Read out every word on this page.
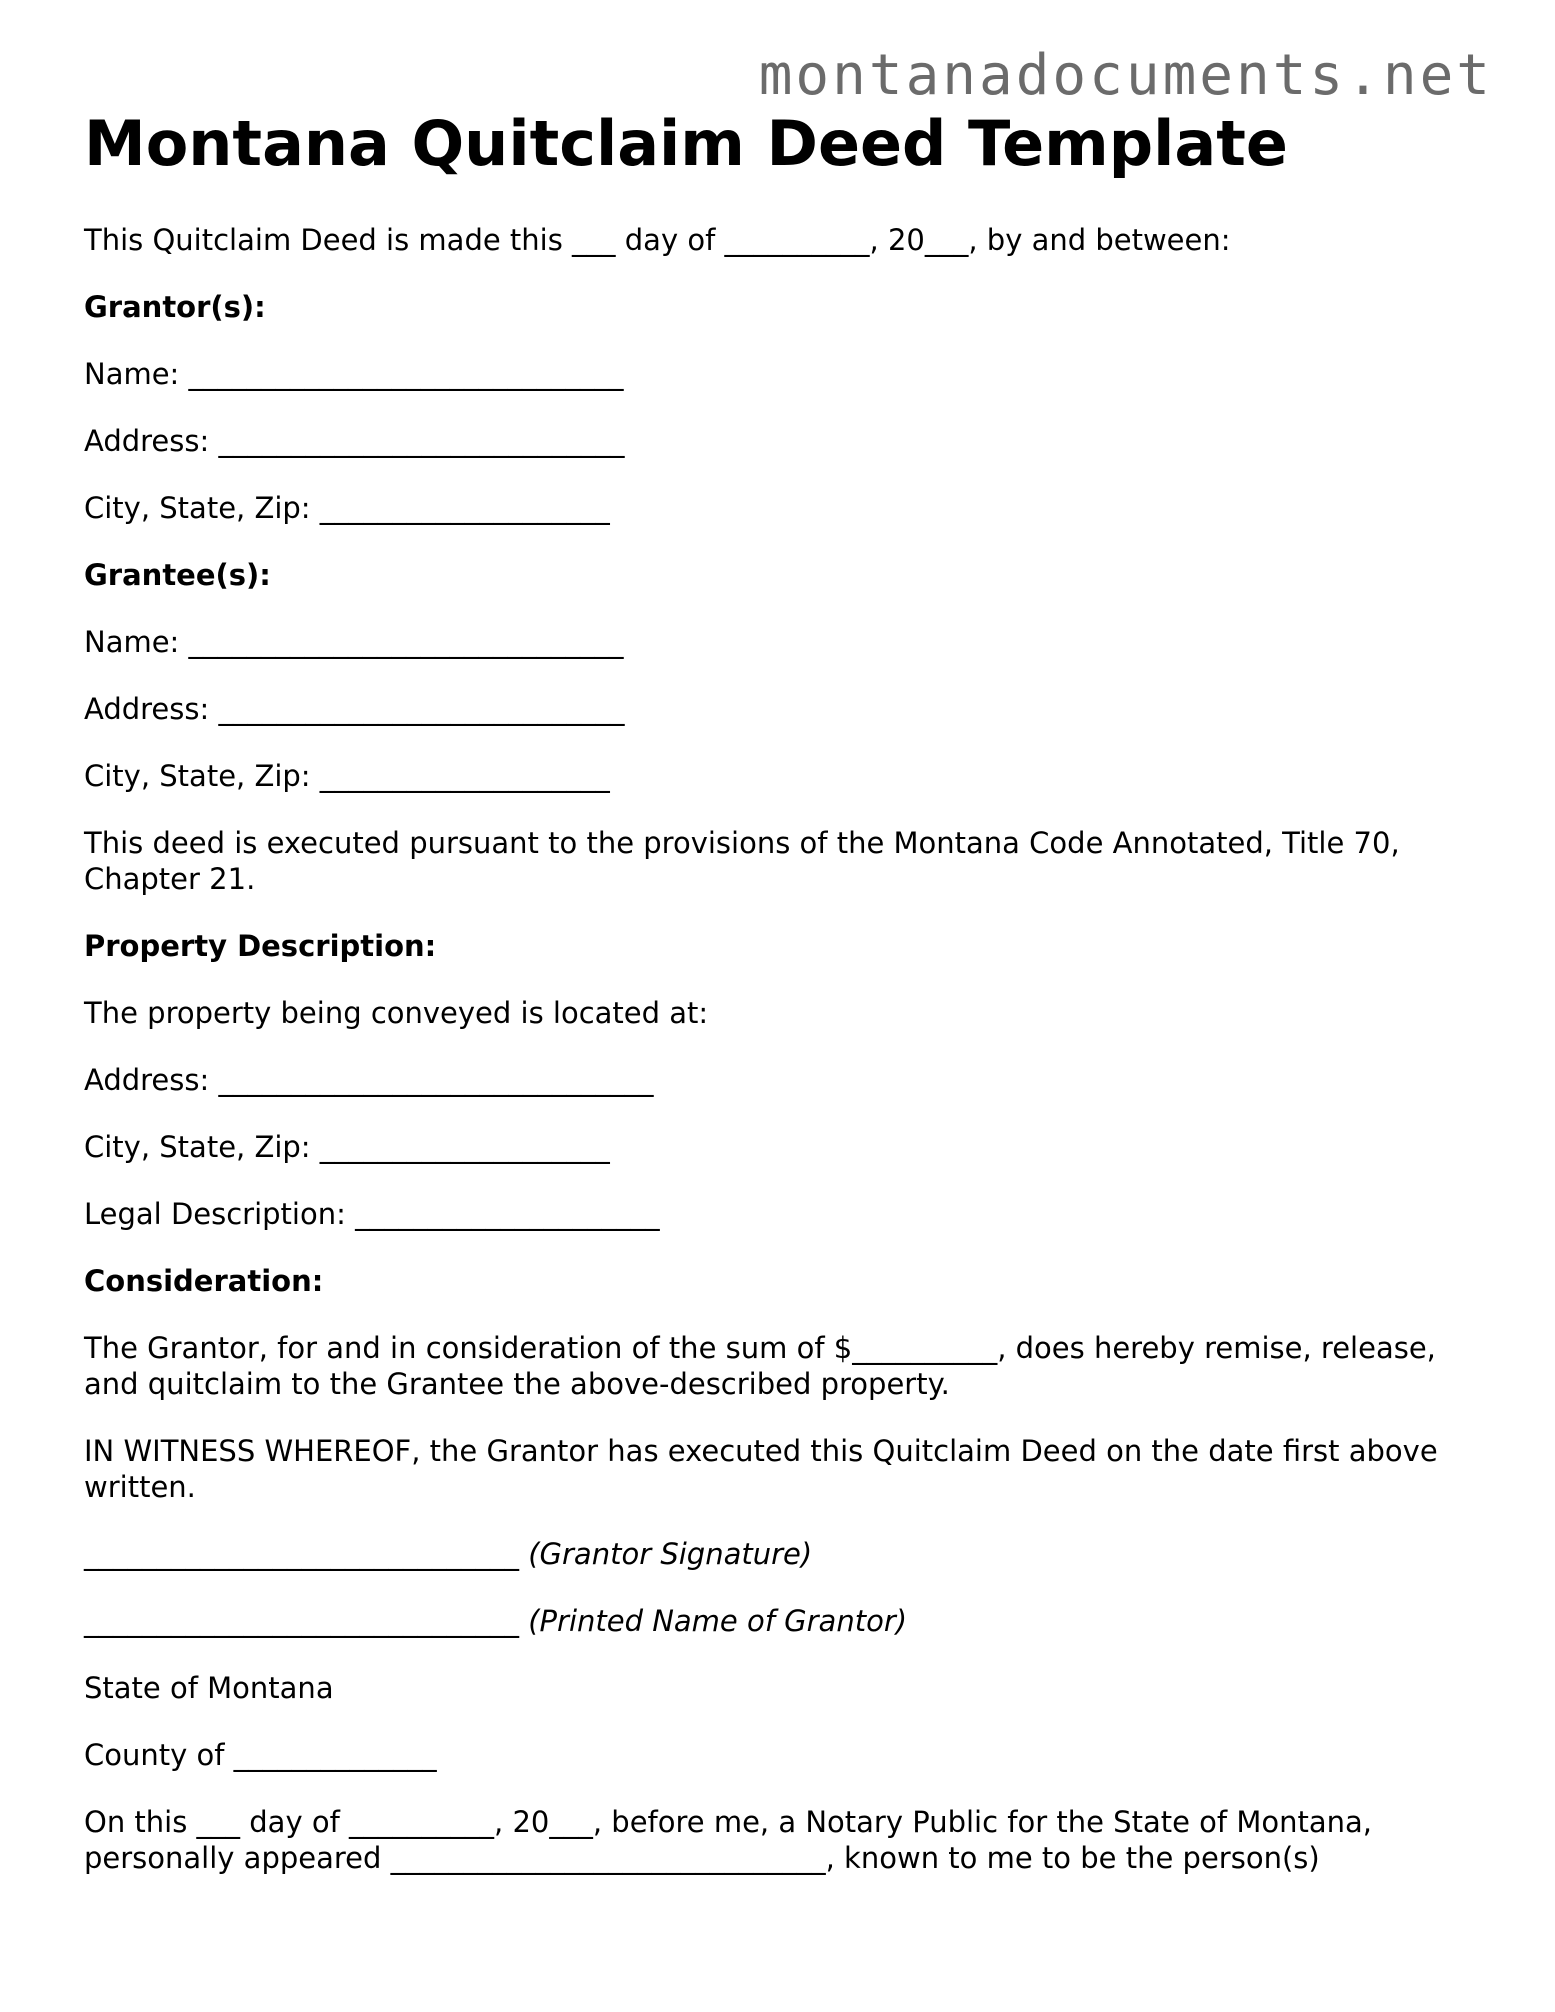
montanadocuments.net
Montana Quitclaim Deed Template

This Quitclaim Deed is made this ___ day of __________, 20___, by and between:

Grantor(s):

Name: ______________________________

Address: ____________________________

City, State, Zip: ____________________

Grantee(s):

Name: ______________________________

Address: ____________________________

City, State, Zip: ____________________

This deed is executed pursuant to the provisions of the Montana Code Annotated, Title 70, Chapter 21.

Property Description:

The property being conveyed is located at:

Address: ______________________________

City, State, Zip: ____________________

Legal Description: _____________________

Consideration:

The Grantor, for and in consideration of the sum of $__________, does hereby remise, release, and quitclaim to the Grantee the above-described property.

IN WITNESS WHEREOF, the Grantor has executed this Quitclaim Deed on the date first above written.

______________________________ (Grantor Signature)

______________________________ (Printed Name of Grantor)

State of Montana

County of ______________

On this ___ day of __________, 20___, before me, a Notary Public for the State of Montana, personally appeared ______________________________, known to me to be the person(s)
